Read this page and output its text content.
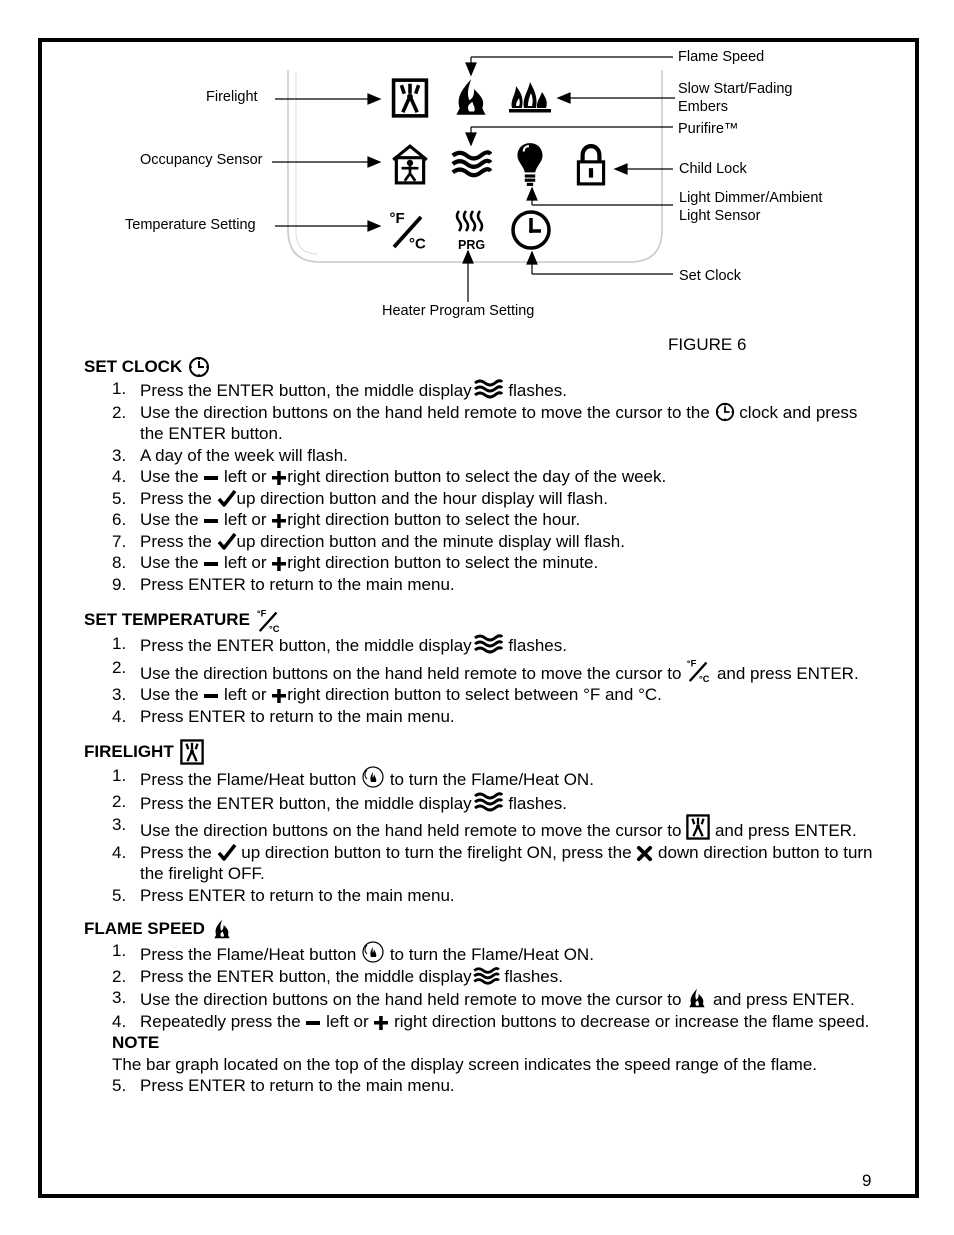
PRG
Firelight
Occupancy Sensor
Temperature Setting
Flame Speed
Slow Start/Fading
Embers
Purifire™
Child Lock
Light Dimmer/Ambient
Light Sensor
Set Clock
Heater Program Setting
FIGURE 6
SET CLOCK
1. Press the ENTER button, the middle display flashes.
2. Use the direction buttons on the hand held remote to move the cursor to the  clock and press the ENTER button.
3. A day of the week will flash.
4. Use the  left or right direction button to select the day of the week.
5. Press the up direction button and the hour display will flash.
6. Use the  left or right direction button to select the hour.
7. Press the up direction button and the minute display will flash.
8. Use the  left or right direction button to select the minute.
9. Press ENTER to return to the main menu.
SET TEMPERATURE
1. Press the ENTER button, the middle display flashes.
2. Use the direction buttons on the hand held remote to move the cursor to  and press ENTER.
3. Use the  left or right direction button to select between °F and °C.
4. Press ENTER to return to the main menu.
FIRELIGHT
1. Press the Flame/Heat button  to turn the Flame/Heat ON.
2. Press the ENTER button, the middle display flashes.
3. Use the direction buttons on the hand held remote to move the cursor to  and press ENTER.
4. Press the  up direction button to turn the firelight ON, press the  down direction button to turn the firelight OFF.
5. Press ENTER to return to the main menu.
FLAME SPEED
1. Press the Flame/Heat button  to turn the Flame/Heat ON.
2. Press the ENTER button, the middle display flashes.
3. Use the direction buttons on the hand held remote to move the cursor to  and press ENTER.
4. Repeatedly press the  left or  right direction buttons to decrease or increase the flame speed.
NOTE
The bar graph located on the top of the display screen indicates the speed range of the flame.
5. Press ENTER to return to the main menu.
9
